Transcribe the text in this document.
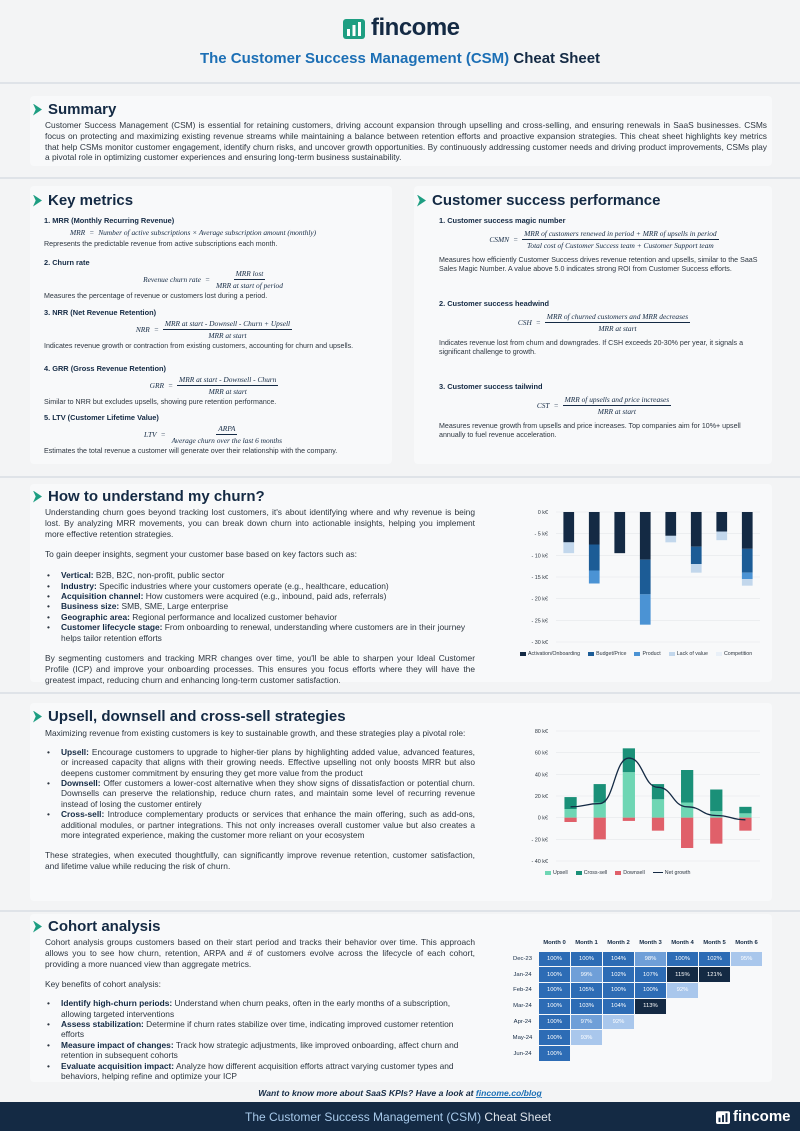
fincome
The Customer Success Management (CSM) Cheat Sheet
Summary
Customer Success Management (CSM) is essential for retaining customers, driving account expansion through upselling and cross-selling, and ensuring renewals in SaaS businesses. CSMs focus on protecting and maximizing existing revenue streams while maintaining a balance between retention efforts and proactive expansion strategies. This cheat sheet highlights key metrics that help CSMs monitor customer engagement, identify churn risks, and uncover growth opportunities. By continuously addressing customer needs and driving product improvements, CSMs play a pivotal role in optimizing customer experiences and ensuring long-term business sustainability.
Key metrics
1. MRR (Monthly Recurring Revenue)
MRR = Number of active subscriptions × Average subscription amount (monthly)
Represents the predictable revenue from active subscriptions each month.
2. Churn rate
Revenue churn rate = $\frac{\text{MRR lost}}{\text{MRR at start of period}}$
Measures the percentage of revenue or customers lost during a period.
3. NRR (Net Revenue Retention)
NRR = $\frac{\text{MRR at start - Downsell - Churn + Upsell}}{\text{MRR at start}}$
Indicates revenue growth or contraction from existing customers, accounting for churn and upsells.
4. GRR (Gross Revenue Retention)
GRR = $\frac{\text{MRR at start - Downsell - Churn}}{\text{MRR at start}}$
Similar to NRR but excludes upsells, showing pure retention performance.
5. LTV (Customer Lifetime Value)
LTV = $\frac{\text{ARPA}}{\text{Average churn over the last 6 months}}$
Estimates the total revenue a customer will generate over their relationship with the company.
Customer success performance
1. Customer success magic number
CSMN =
MRR of customers renewed in period + MRR of upsells in period
Total cost of Customer Success team + Customer Support team
Measures how efficiently Customer Success drives revenue retention and upsells, similar to the SaaS Sales Magic Number. A value above 5.0 indicates strong ROI from Customer Success efforts.
2. Customer success headwind
CSH = $\frac{\text{MRR of churned customers and MRR decreases}}{\text{MRR at start}}$
Indicates revenue lost from churn and downgrades. If CSH exceeds 20-30% per year, it signals a significant challenge to growth.
3. Customer success tailwind
CST = $\frac{\text{MRR of upsells and price increases}}{\text{MRR at start}}$
Measures revenue growth from upsells and price increases. Top companies aim for 10%+ upsell annually to fuel revenue acceleration.
How to understand my churn?
Understanding churn goes beyond tracking lost customers, it's about identifying where and why revenue is being lost. By analyzing MRR movements, you can break down churn into actionable insights, helping you implement more effective retention strategies.
To gain deeper insights, segment your customer base based on key factors such as:
• Vertical: B2B, B2C, non-profit, public sector
• Industry: Specific industries where your customers operate (e.g., healthcare, education)
• Acquisition channel: How customers were acquired (e.g., inbound, paid ads, referrals)
• Business size: SMB, SME, Large enterprise
• Geographic area: Regional performance and localized customer behavior
• Customer lifecycle stage: From onboarding to renewal, understanding where customers are in their journey helps tailor retention efforts
By segmenting customers and tracking MRR changes over time, you'll be able to sharpen your Ideal Customer Profile (ICP) and improve your onboarding processes. This ensures you focus efforts where they will have the greatest impact, reducing churn and enhancing long-term customer satisfaction.
0 k€
- 5 k€
- 10 k€
- 15 k€
- 20 k€
- 25 k€
- 30 k€
Activation/Onboarding	Budget/Price	Product	Lack of value	Competition
Upsell, downsell and cross-sell strategies
Maximizing revenue from existing customers is key to sustainable growth, and these strategies play a pivotal role:
• Upsell: Encourage customers to upgrade to higher-tier plans by highlighting added value, advanced features, or increased capacity that aligns with their growing needs. Effective upselling not only boosts MRR but also deepens customer commitment by ensuring they get more value from the product
• Downsell: Offer customers a lower-cost alternative when they show signs of dissatisfaction or potential churn. Downsells can preserve the relationship, reduce churn rates, and maintain some level of recurring revenue instead of losing the customer entirely
• Cross-sell: Introduce complementary products or services that enhance the main offering, such as add-ons, additional modules, or partner integrations. This not only increases overall customer value but also creates a more integrated experience, making the customer more reliant on your ecosystem
These strategies, when executed thoughtfully, can significantly improve revenue retention, customer satisfaction, and lifetime value while reducing the risk of churn.
80 k€
60 k€
40 k€
20 k€
0 k€
- 20 k€
- 40 k€
Upsell	Cross-sell	Downsell	Net growth
Cohort analysis
Cohort analysis groups customers based on their start period and tracks their behavior over time. This approach allows you to see how churn, retention, ARPA and # of customers evolve across the lifecycle of each cohort, providing a more nuanced view than aggregate metrics.
Key benefits of cohort analysis:
• Identify high-churn periods: Understand when churn peaks, often in the early months of a subscription, allowing targeted interventions
• Assess stabilization: Determine if churn rates stabilize over time, indicating improved customer retention efforts
• Measure impact of changes: Track how strategic adjustments, like improved onboarding, affect churn and retention in subsequent cohorts
• Evaluate acquisition impact: Analyze how different acquisition efforts attract varying customer types and behaviors, helping refine and optimize your ICP
	Month 0	Month 1	Month 2	Month 3	Month 4	Month 5	Month 6
Dec-23	100%	100%	104%	98%	100%	102%	95%
Jan-24	100%	99%	102%	107%	115%	121%	
Feb-24	100%	105%	100%	100%	92%		
Mar-24	100%	103%	104%	113%			
Apr-24	100%	97%	92%				
May-24	100%	93%					
Jun-24	100%						
Want to know more about SaaS KPIs? Have a look at fincome.co/blog
The Customer Success Management (CSM) Cheat Sheet	fincome
